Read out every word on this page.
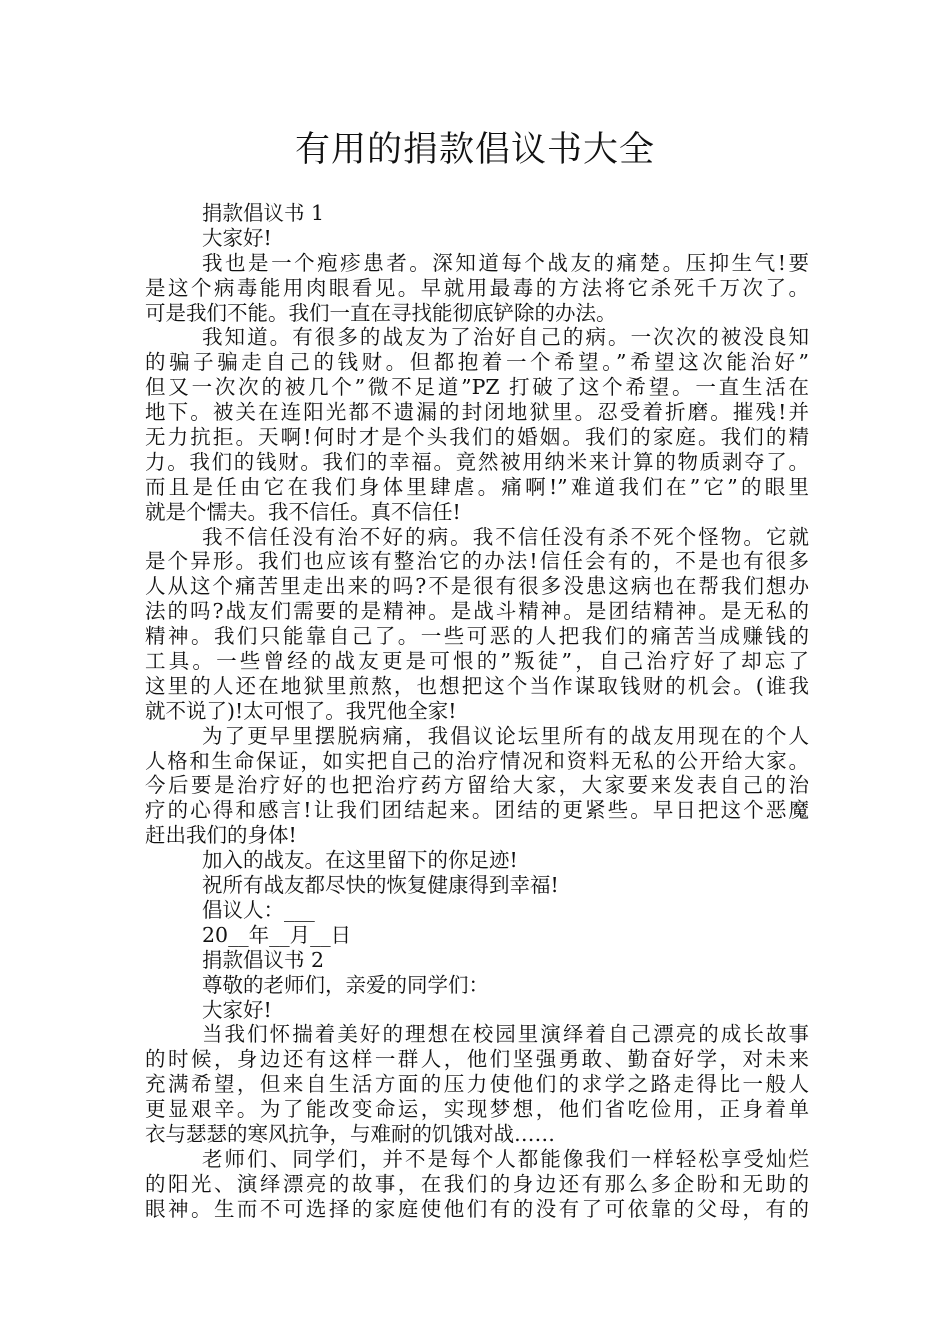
有用的捐款倡议书大全
捐款倡议书 1
大家好!
我也是一个疱疹患者。深知道每个战友的痛楚。压抑生气!要
是这个病毒能用肉眼看见。早就用最毒的方法将它杀死千万次了。
可是我们不能。我们一直在寻找能彻底铲除的办法。
我知道。有很多的战友为了治好自己的病。一次次的被没良知
的骗子骗走自己的钱财。但都抱着一个希望。”希望这次能治好”
但又一次次的被几个”微不足道”PZ 打破了这个希望。一直生活在
地下。被关在连阳光都不遗漏的封闭地狱里。忍受着折磨。摧残!并
无力抗拒。天啊!何时才是个头我们的婚姻。我们的家庭。我们的精
力。我们的钱财。我们的幸福。竟然被用纳米来计算的物质剥夺了。
而且是任由它在我们身体里肆虐。痛啊!”难道我们在”它”的眼里
就是个懦夫。我不信任。真不信任!
我不信任没有治不好的病。我不信任没有杀不死个怪物。它就
是个异形。我们也应该有整治它的办法!信任会有的，不是也有很多
人从这个痛苦里走出来的吗?不是很有很多没患这病也在帮我们想办
法的吗?战友们需要的是精神。是战斗精神。是团结精神。是无私的
精神。我们只能靠自己了。一些可恶的人把我们的痛苦当成赚钱的
工具。一些曾经的战友更是可恨的”叛徒”，自己治疗好了却忘了
这里的人还在地狱里煎熬，也想把这个当作谋取钱财的机会。(谁我
就不说了)!太可恨了。我咒他全家!
为了更早里摆脱病痛，我倡议论坛里所有的战友用现在的个人
人格和生命保证，如实把自己的治疗情况和资料无私的公开给大家。
今后要是治疗好的也把治疗药方留给大家，大家要来发表自己的治
疗的心得和感言!让我们团结起来。团结的更紧些。早日把这个恶魔
赶出我们的身体!
加入的战友。在这里留下的你足迹!
祝所有战友都尽快的恢复健康得到幸福!
倡议人：___
20__年__月__日
捐款倡议书 2
尊敬的老师们，亲爱的同学们：
大家好!
当我们怀揣着美好的理想在校园里演绎着自己漂亮的成长故事
的时候，身边还有这样一群人，他们坚强勇敢、勤奋好学，对未来
充满希望，但来自生活方面的压力使他们的求学之路走得比一般人
更显艰辛。为了能改变命运，实现梦想，他们省吃俭用，正身着单
衣与瑟瑟的寒风抗争，与难耐的饥饿对战……
老师们、同学们，并不是每个人都能像我们一样轻松享受灿烂
的阳光、演绎漂亮的故事，在我们的身边还有那么多企盼和无助的
眼神。生而不可选择的家庭使他们有的没有了可依靠的父母，有的
